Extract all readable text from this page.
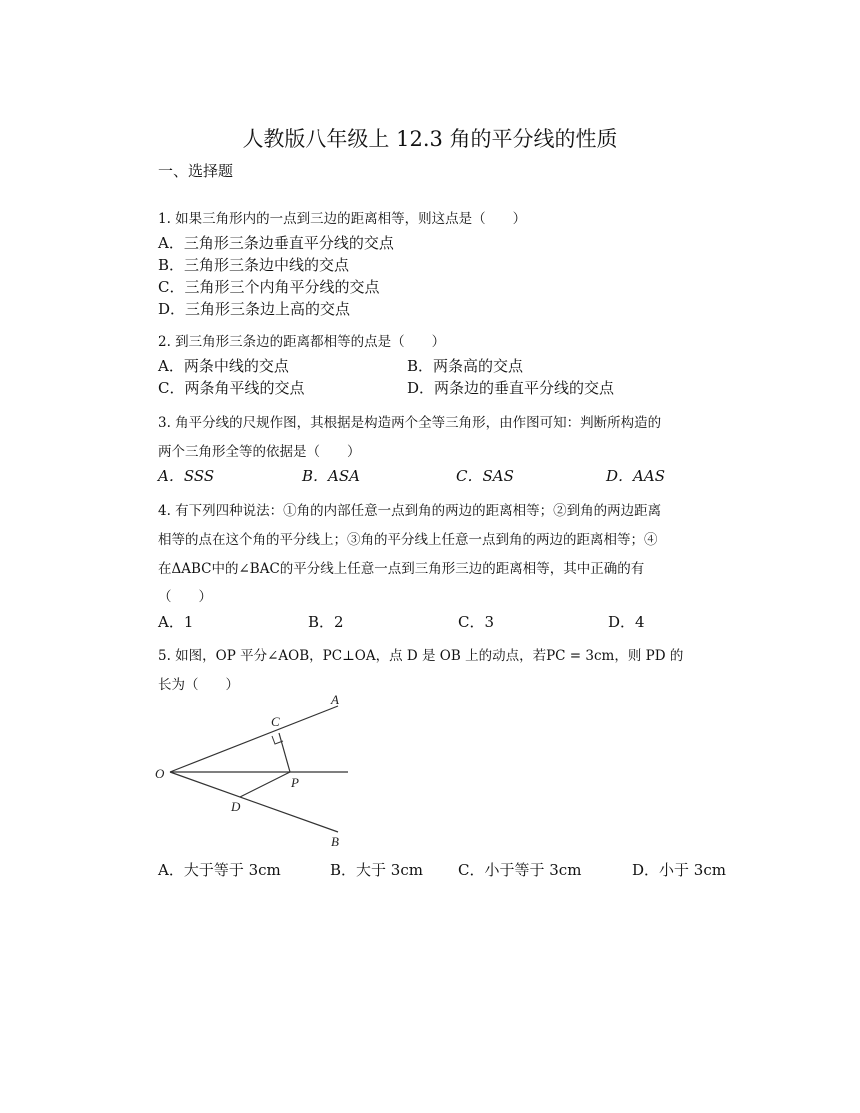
人教版八年级上 12.3 角的平分线的性质
一、选择题
1. 如果三角形内的一点到三边的距离相等，则这点是（　　）
A．三角形三条边垂直平分线的交点
B．三角形三条边中线的交点
C．三角形三个内角平分线的交点
D．三角形三条边上高的交点
2. 到三角形三条边的距离都相等的点是（　　）
A．两条中线的交点	B．两条高的交点
C．两条角平线的交点	D．两条边的垂直平分线的交点
3. 角平分线的尺规作图，其根据是构造两个全等三角形，由作图可知：判断所构造的
两个三角形全等的依据是（　　）
A．SSS	B．ASA	C．SAS	D．AAS
4. 有下列四种说法：①角的内部任意一点到角的两边的距离相等；②到角的两边距离
相等的点在这个角的平分线上；③角的平分线上任意一点到角的两边的距离相等；④
在ΔABC中的∠BAC的平分线上任意一点到三角形三边的距离相等，其中正确的有
（　　）
A．1	B．2	C．3	D．4
5. 如图，OP 平分∠AOB，PC⊥OA，点 D 是 OB 上的动点，若PC = 3cm，则 PD 的
长为（　　）
A
B
C
D
O
P
A．大于等于 3cm	B．大于 3cm C．小于等于 3cm	D．小于 3cm
